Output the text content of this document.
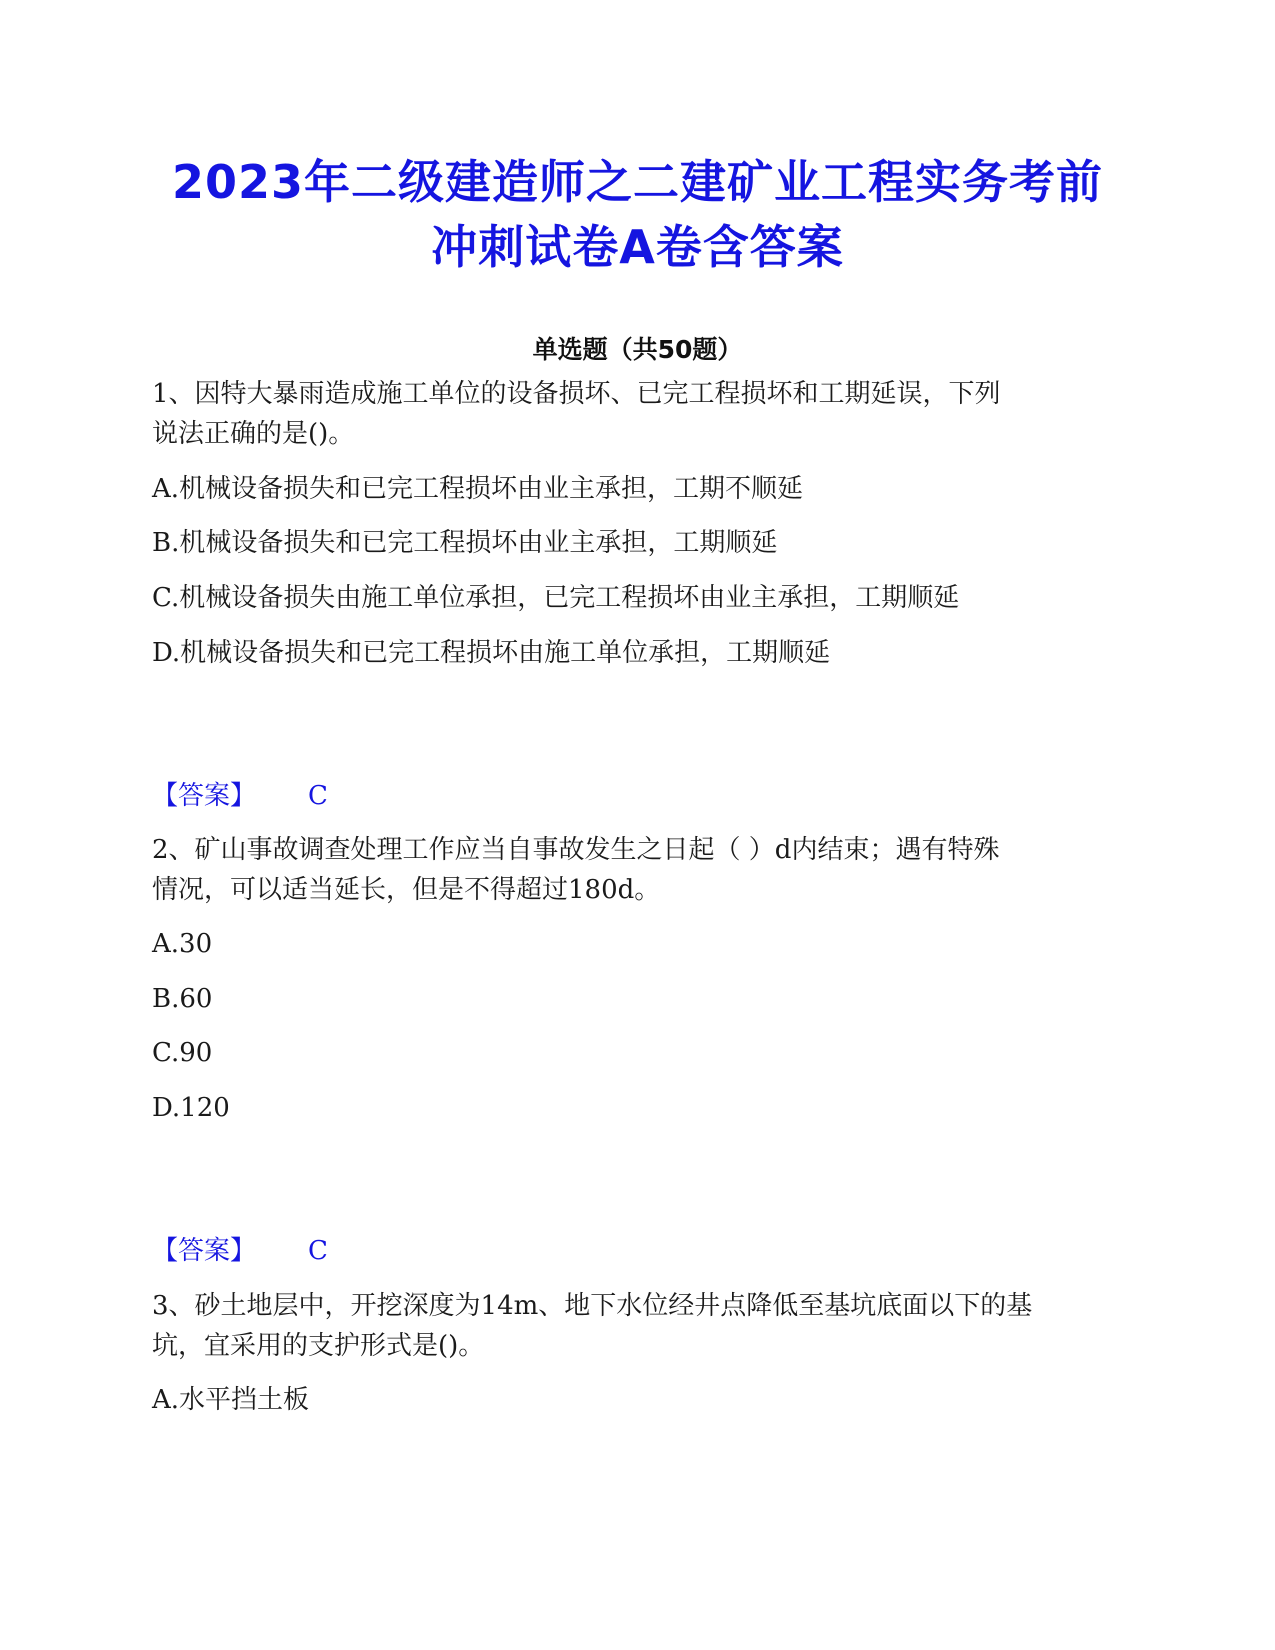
2023年二级建造师之二建矿业工程实务考前
冲刺试卷A卷含答案
单选题（共50题）
1、因特大暴雨造成施工单位的设备损坏、已完工程损坏和工期延误，下列
说法正确的是()。
A.机械设备损失和已完工程损坏由业主承担，工期不顺延
B.机械设备损失和已完工程损坏由业主承担，工期顺延
C.机械设备损失由施工单位承担，已完工程损坏由业主承担，工期顺延
D.机械设备损失和已完工程损坏由施工单位承担，工期顺延
【答案】 C
2、矿山事故调查处理工作应当自事故发生之日起（ ）d内结束；遇有特殊
情况，可以适当延长，但是不得超过180d。
A.30
B.60
C.90
D.120
【答案】 C
3、砂土地层中，开挖深度为14m、地下水位经井点降低至基坑底面以下的基
坑，宜采用的支护形式是()。
A.水平挡土板
